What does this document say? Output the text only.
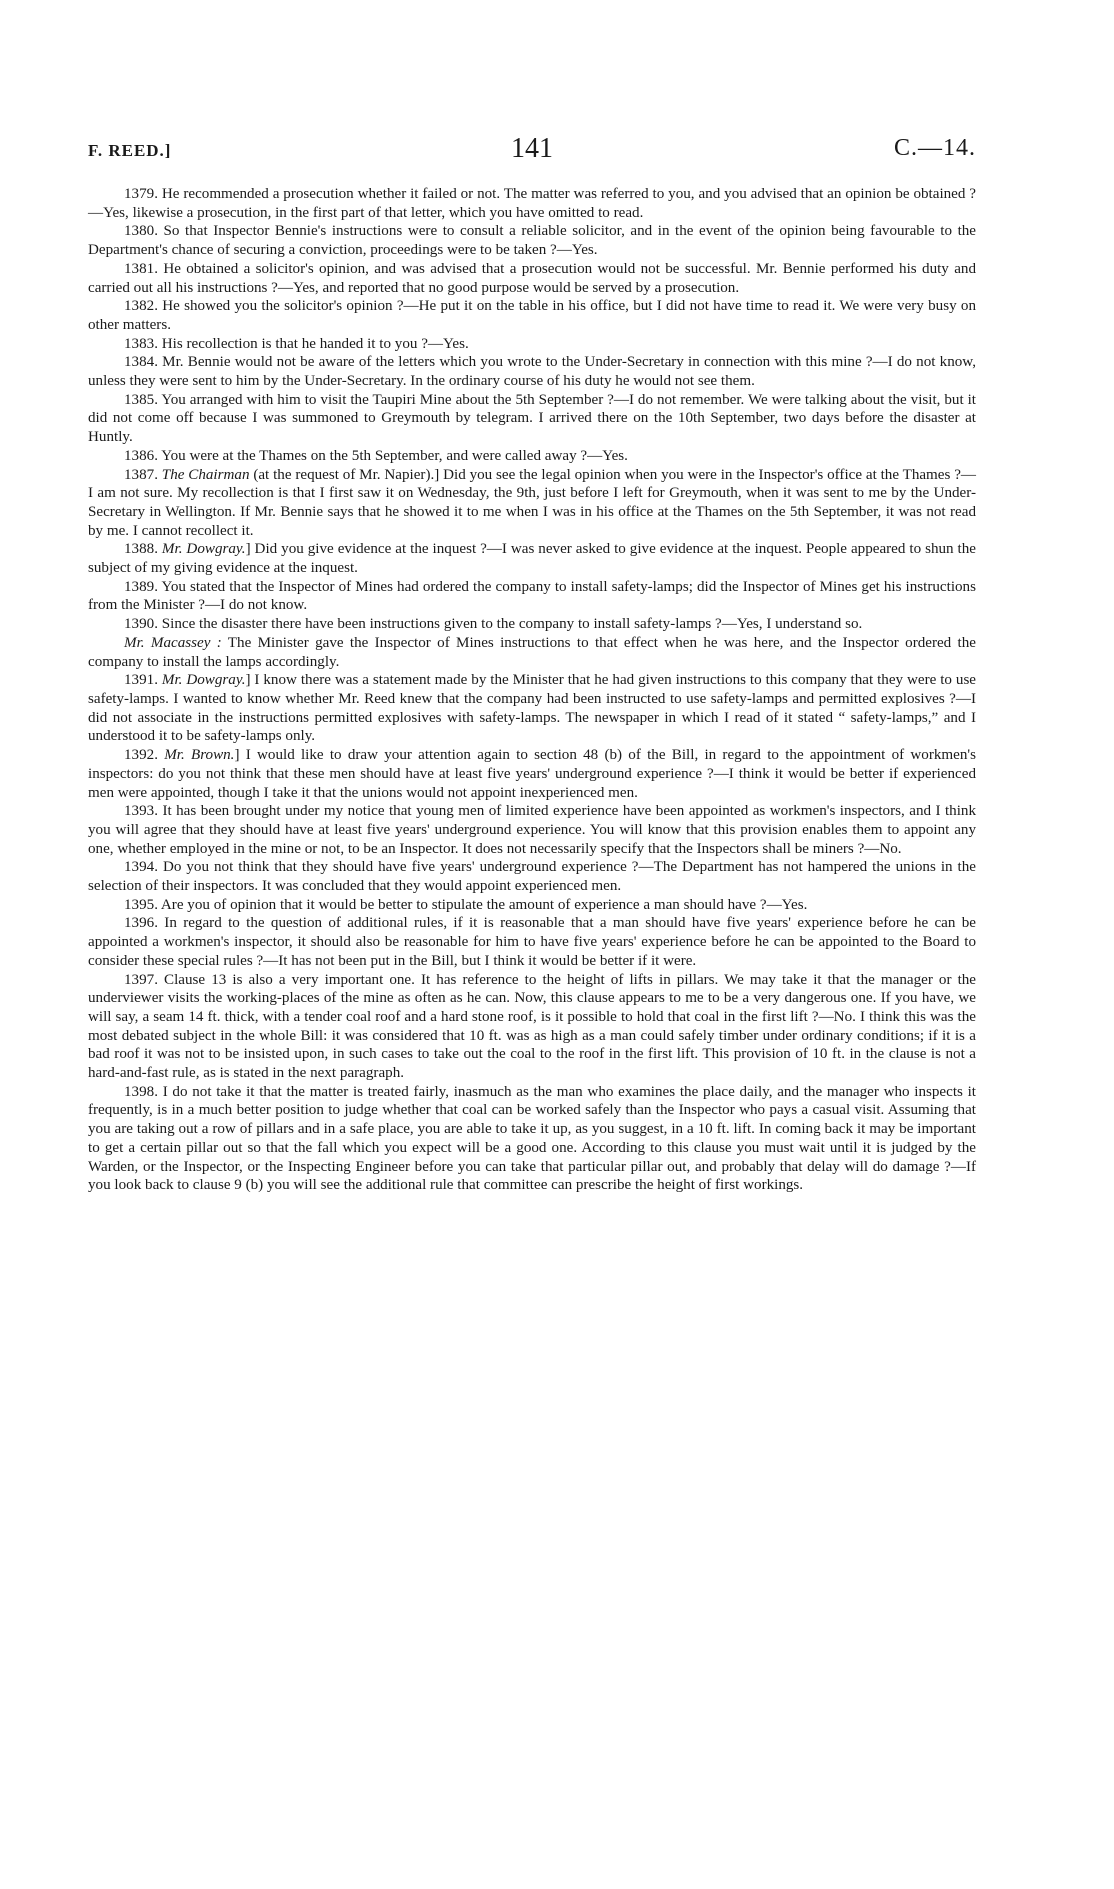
F. REED.]	141	C.—14.

1379. He recommended a prosecution whether it failed or not. The matter was referred to you, and you advised that an opinion be obtained ?—Yes, likewise a prosecution, in the first part of that letter, which you have omitted to read.

1380. So that Inspector Bennie's instructions were to consult a reliable solicitor, and in the event of the opinion being favourable to the Department's chance of securing a conviction, proceedings were to be taken ?—Yes.

1381. He obtained a solicitor's opinion, and was advised that a prosecution would not be successful. Mr. Bennie performed his duty and carried out all his instructions ?—Yes, and reported that no good purpose would be served by a prosecution.

1382. He showed you the solicitor's opinion ?—He put it on the table in his office, but I did not have time to read it. We were very busy on other matters.

1383. His recollection is that he handed it to you ?—Yes.

1384. Mr. Bennie would not be aware of the letters which you wrote to the Under-Secretary in connection with this mine ?—I do not know, unless they were sent to him by the Under-Secretary. In the ordinary course of his duty he would not see them.

1385. You arranged with him to visit the Taupiri Mine about the 5th September ?—I do not remember. We were talking about the visit, but it did not come off because I was summoned to Greymouth by telegram. I arrived there on the 10th September, two days before the disaster at Huntly.

1386. You were at the Thames on the 5th September, and were called away ?—Yes.

1387. The Chairman (at the request of Mr. Napier).] Did you see the legal opinion when you were in the Inspector's office at the Thames ?—I am not sure. My recollection is that I first saw it on Wednesday, the 9th, just before I left for Greymouth, when it was sent to me by the Under-Secretary in Wellington. If Mr. Bennie says that he showed it to me when I was in his office at the Thames on the 5th September, it was not read by me. I cannot recollect it.

1388. Mr. Dowgray.] Did you give evidence at the inquest ?—I was never asked to give evidence at the inquest. People appeared to shun the subject of my giving evidence at the inquest.

1389. You stated that the Inspector of Mines had ordered the company to install safety-lamps; did the Inspector of Mines get his instructions from the Minister ?—I do not know.

1390. Since the disaster there have been instructions given to the company to install safety-lamps ?—Yes, I understand so.

Mr. Macassey : The Minister gave the Inspector of Mines instructions to that effect when he was here, and the Inspector ordered the company to install the lamps accordingly.

1391. Mr. Dowgray.] I know there was a statement made by the Minister that he had given instructions to this company that they were to use safety-lamps. I wanted to know whether Mr. Reed knew that the company had been instructed to use safety-lamps and permitted explosives ?—I did not associate in the instructions permitted explosives with safety-lamps. The newspaper in which I read of it stated “ safety-lamps,” and I understood it to be safety-lamps only.

1392. Mr. Brown.] I would like to draw your attention again to section 48 (b) of the Bill, in regard to the appointment of workmen's inspectors: do you not think that these men should have at least five years' underground experience ?—I think it would be better if experienced men were appointed, though I take it that the unions would not appoint inexperienced men.

1393. It has been brought under my notice that young men of limited experience have been appointed as workmen's inspectors, and I think you will agree that they should have at least five years' underground experience. You will know that this provision enables them to appoint any one, whether employed in the mine or not, to be an Inspector. It does not necessarily specify that the Inspectors shall be miners ?—No.

1394. Do you not think that they should have five years' underground experience ?—The Department has not hampered the unions in the selection of their inspectors. It was concluded that they would appoint experienced men.

1395. Are you of opinion that it would be better to stipulate the amount of experience a man should have ?—Yes.

1396. In regard to the question of additional rules, if it is reasonable that a man should have five years' experience before he can be appointed a workmen's inspector, it should also be reasonable for him to have five years' experience before he can be appointed to the Board to consider these special rules ?—It has not been put in the Bill, but I think it would be better if it were.

1397. Clause 13 is also a very important one. It has reference to the height of lifts in pillars. We may take it that the manager or the underviewer visits the working-places of the mine as often as he can. Now, this clause appears to me to be a very dangerous one. If you have, we will say, a seam 14 ft. thick, with a tender coal roof and a hard stone roof, is it possible to hold that coal in the first lift ?—No. I think this was the most debated subject in the whole Bill: it was considered that 10 ft. was as high as a man could safely timber under ordinary conditions; if it is a bad roof it was not to be insisted upon, in such cases to take out the coal to the roof in the first lift. This provision of 10 ft. in the clause is not a hard-and-fast rule, as is stated in the next paragraph.

1398. I do not take it that the matter is treated fairly, inasmuch as the man who examines the place daily, and the manager who inspects it frequently, is in a much better position to judge whether that coal can be worked safely than the Inspector who pays a casual visit. Assuming that you are taking out a row of pillars and in a safe place, you are able to take it up, as you suggest, in a 10 ft. lift. In coming back it may be important to get a certain pillar out so that the fall which you expect will be a good one. According to this clause you must wait until it is judged by the Warden, or the Inspector, or the Inspecting Engineer before you can take that particular pillar out, and probably that delay will do damage ?—If you look back to clause 9 (b) you will see the additional rule that committee can prescribe the height of first workings.
